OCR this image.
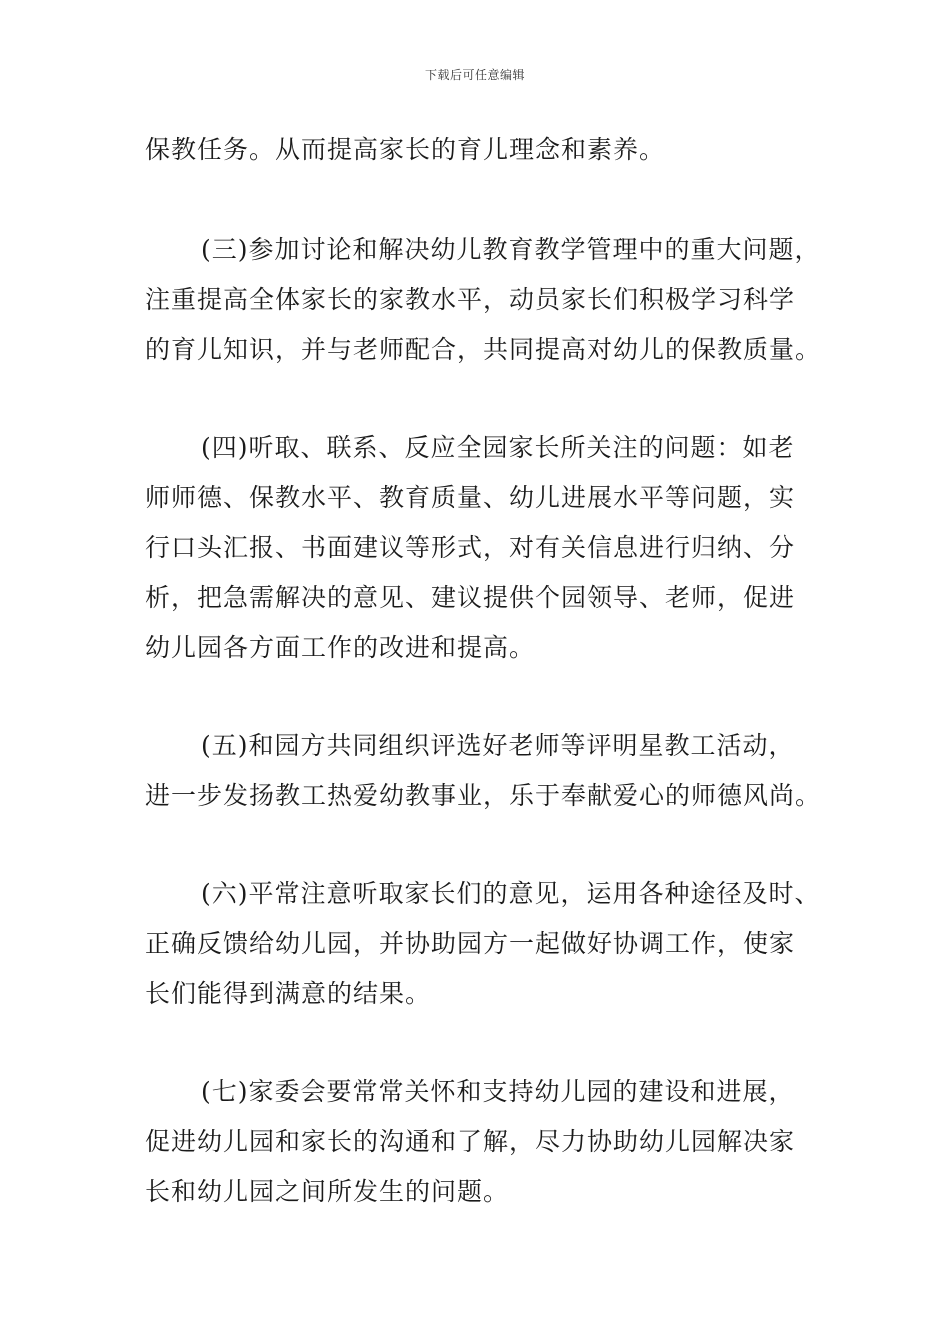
下载后可任意编辑
保教任务。从而提高家长的育儿理念和素养。
(三)参加讨论和解决幼儿教育教学管理中的重大问题，
注重提高全体家长的家教水平，动员家长们积极学习科学
的育儿知识，并与老师配合，共同提高对幼儿的保教质量。
(四)听取、联系、反应全园家长所关注的问题：如老
师师德、保教水平、教育质量、幼儿进展水平等问题，实
行口头汇报、书面建议等形式，对有关信息进行归纳、分
析，把急需解决的意见、建议提供个园领导、老师，促进
幼儿园各方面工作的改进和提高。
(五)和园方共同组织评选好老师等评明星教工活动，
进一步发扬教工热爱幼教事业，乐于奉献爱心的师德风尚。
(六)平常注意听取家长们的意见，运用各种途径及时、
正确反馈给幼儿园，并协助园方一起做好协调工作，使家
长们能得到满意的结果。
(七)家委会要常常关怀和支持幼儿园的建设和进展，
促进幼儿园和家长的沟通和了解，尽力协助幼儿园解决家
长和幼儿园之间所发生的问题。
